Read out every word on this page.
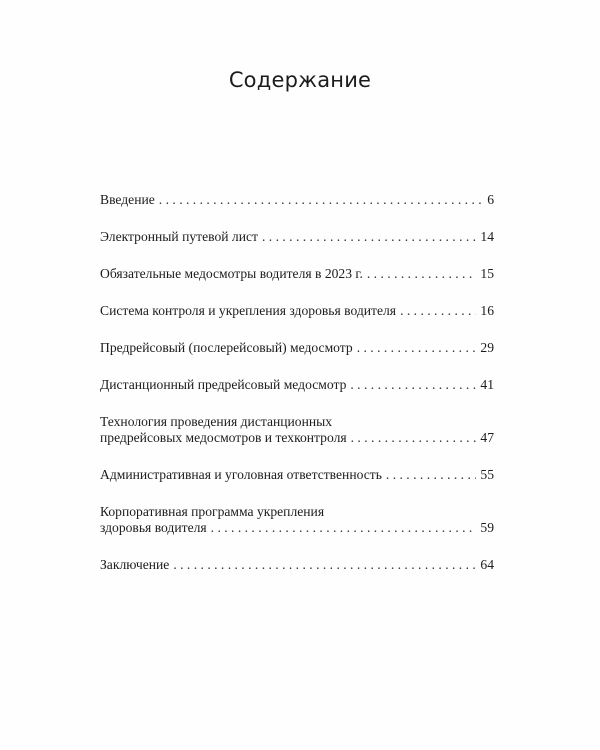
Содержание
Введение . . .	6
Электронный путевой лист . . .	14
Обязательные медосмотры водителя в 2023 г. . . .	15
Система контроля и укрепления здоровья водителя . . .	16
Предрейсовый (послерейсовый) медосмотр . . .	29
Дистанционный предрейсовый медосмотр . . .	41
Технология проведения дистанционных
предрейсовых медосмотров и техконтроля . . .	47
Административная и уголовная ответственность . . .	55
Корпоративная программа укрепления
здоровья водителя . . .	59
Заключение . . .	64
